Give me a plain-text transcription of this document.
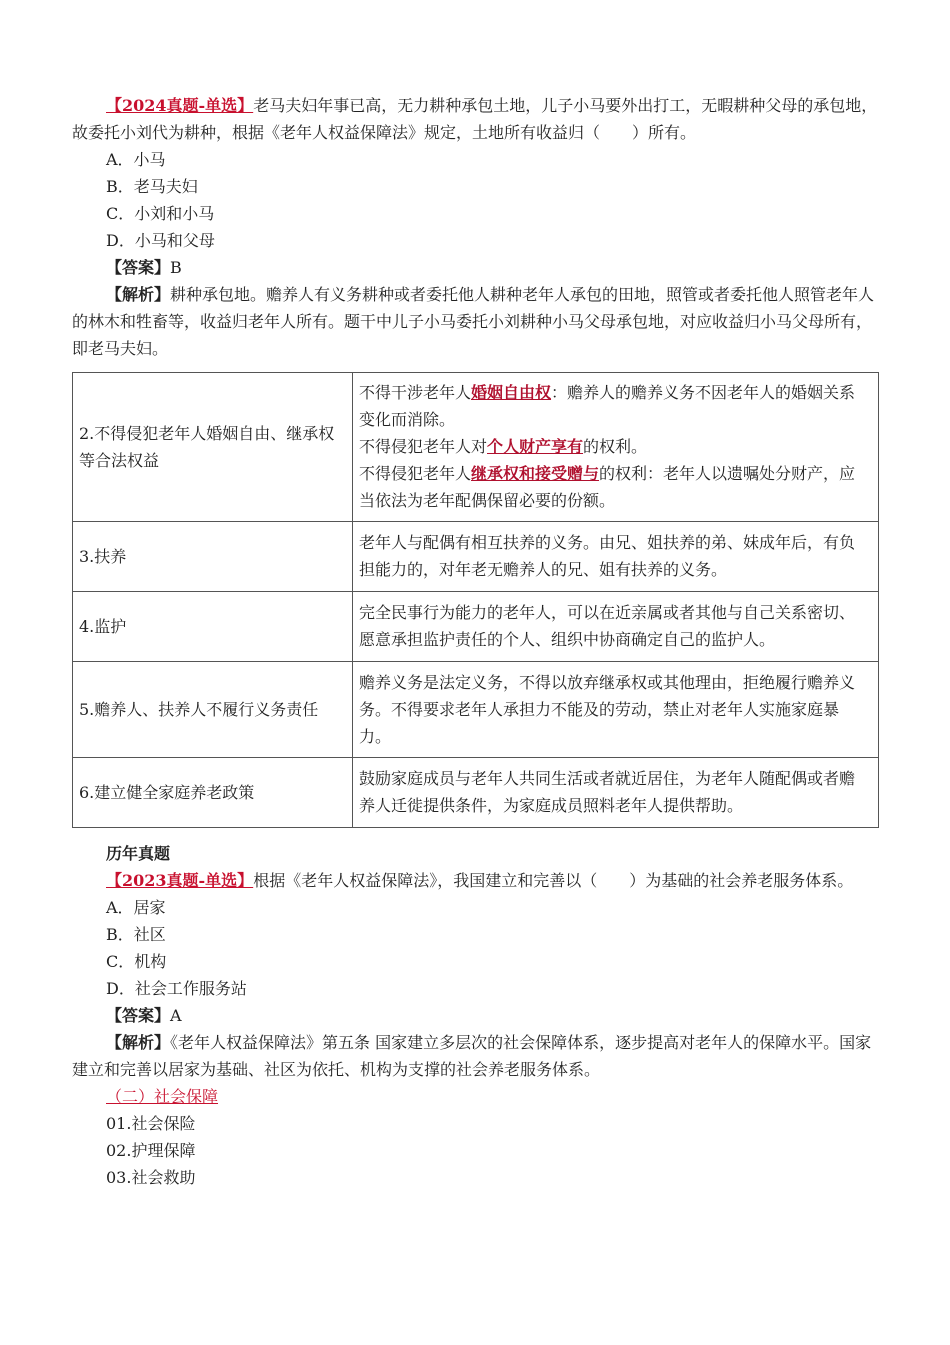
【2024真题-单选】老马夫妇年事已高，无力耕种承包土地，儿子小马要外出打工，无暇耕种父母的承包地，故委托小刘代为耕种，根据《老年人权益保障法》规定，土地所有收益归（　　）所有。

A．小马

B．老马夫妇

C．小刘和小马

D．小马和父母

【答案】B

【解析】耕种承包地。赡养人有义务耕种或者委托他人耕种老年人承包的田地，照管或者委托他人照管老年人的林木和牲畜等，收益归老年人所有。题干中儿子小马委托小刘耕种小马父母承包地，对应收益归小马父母所有，即老马夫妇。

2.不得侵犯老年人婚姻自由、继承权等合法权益	不得干涉老年人婚姻自由权：赡养人的赡养义务不因老年人的婚姻关系变化而消除。
不得侵犯老年人对个人财产享有的权利。
不得侵犯老年人继承权和接受赠与的权利：老年人以遗嘱处分财产，应当依法为老年配偶保留必要的份额。

3.扶养	老年人与配偶有相互扶养的义务。由兄、姐扶养的弟、妹成年后，有负担能力的，对年老无赡养人的兄、姐有扶养的义务。
4.监护	完全民事行为能力的老年人，可以在近亲属或者其他与自己关系密切、愿意承担监护责任的个人、组织中协商确定自己的监护人。
5.赡养人、扶养人不履行义务责任	赡养义务是法定义务，不得以放弃继承权或其他理由，拒绝履行赡养义务。不得要求老年人承担力不能及的劳动，禁止对老年人实施家庭暴力。
6.建立健全家庭养老政策	鼓励家庭成员与老年人共同生活或者就近居住，为老年人随配偶或者赡养人迁徙提供条件，为家庭成员照料老年人提供帮助。

历年真题

【2023真题-单选】根据《老年人权益保障法》，我国建立和完善以（　　）为基础的社会养老服务体系。

A．居家

B．社区

C．机构

D．社会工作服务站

【答案】A

【解析】《老年人权益保障法》第五条 国家建立多层次的社会保障体系，逐步提高对老年人的保障水平。国家建立和完善以居家为基础、社区为依托、机构为支撑的社会养老服务体系。

（二）社会保障

01.社会保险

02.护理保障

03.社会救助
